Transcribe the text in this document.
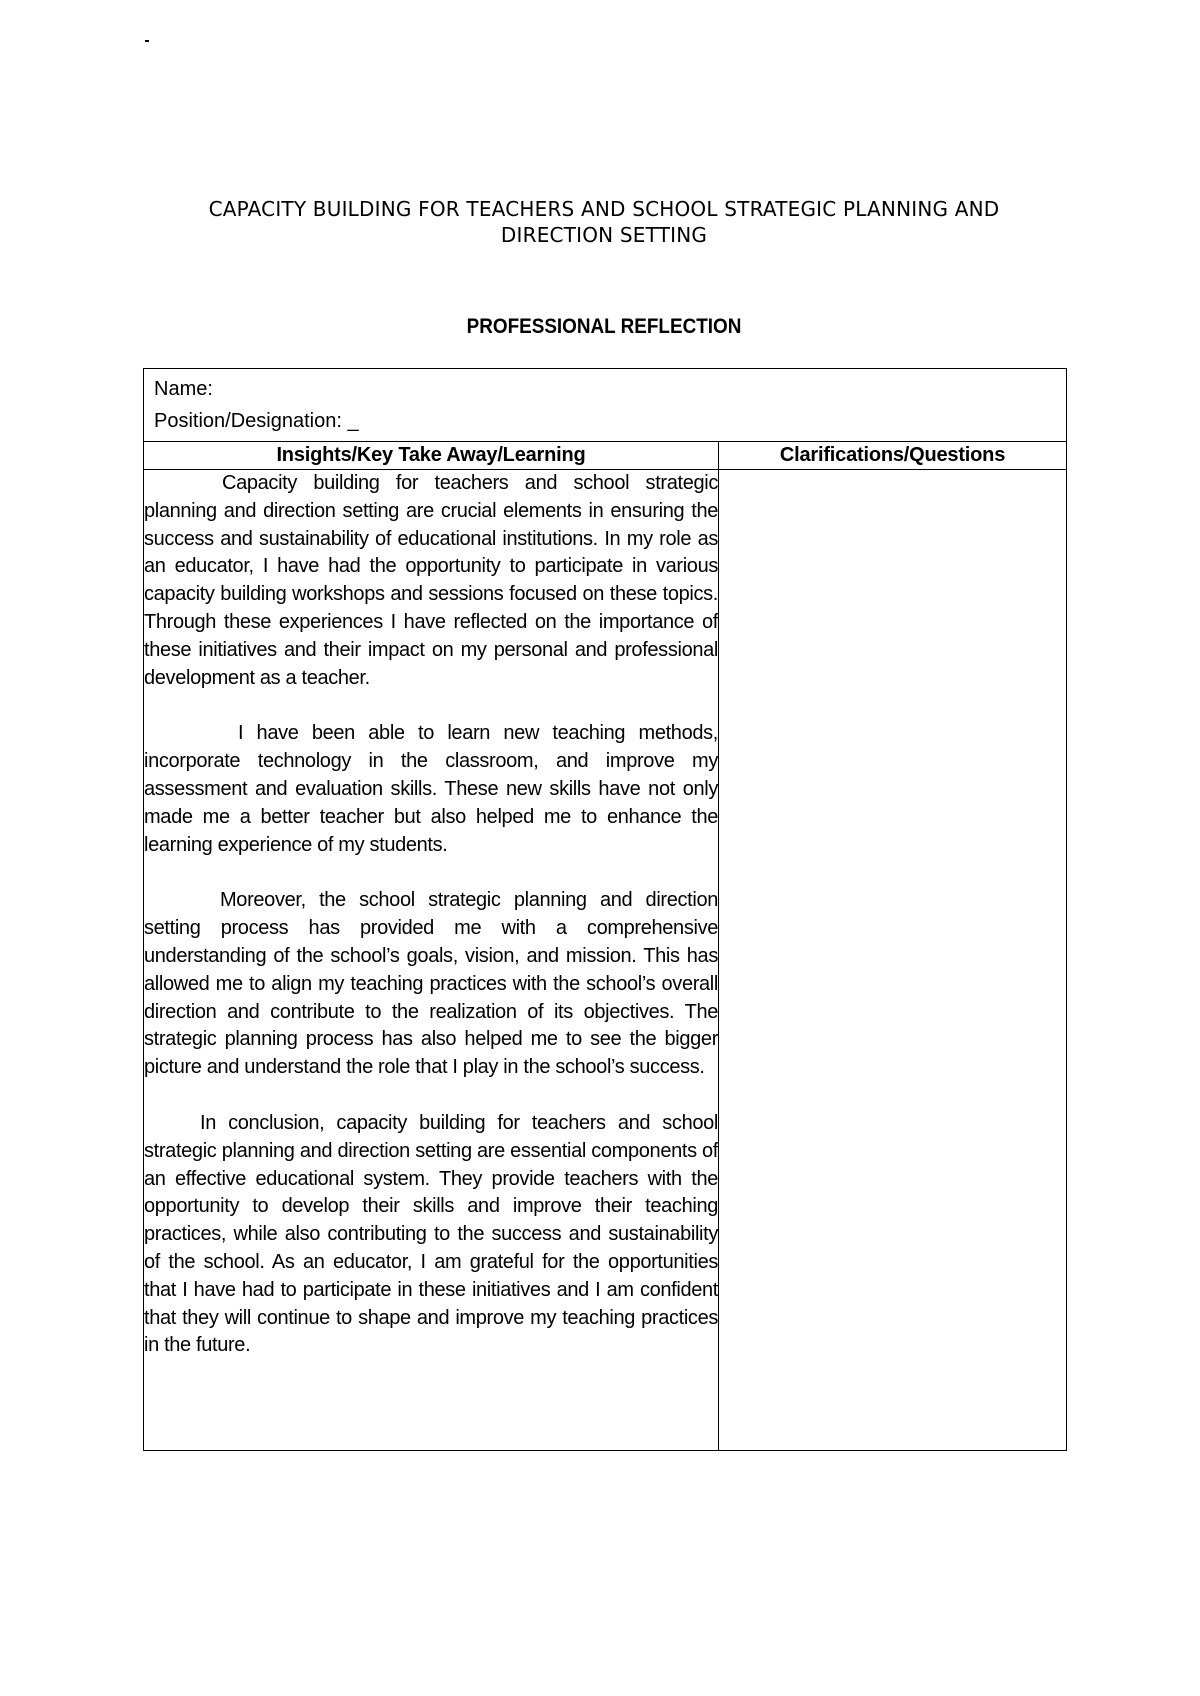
CAPACITY BUILDING FOR TEACHERS AND SCHOOL STRATEGIC PLANNING AND DIRECTION SETTING
PROFESSIONAL REFLECTION
Name:
Position/Designation: _	

Insights/Key Take Away/Learning	Clarifications/Questions

Capacity building for teachers and school strategic planning and direction setting are crucial elements in ensuring the success and sustainability of educational institutions. In my role as an educator, I have had the opportunity to participate in various capacity building workshops and sessions focused on these topics. Through these experiences I have reflected on the importance of these initiatives and their impact on my personal and professional development as a teacher.

I have been able to learn new teaching methods, incorporate technology in the classroom, and improve my assessment and evaluation skills. These new skills have not only made me a better teacher but also helped me to enhance the learning experience of my students.

Moreover, the school strategic planning and direction setting process has provided me with a comprehensive understanding of the school’s goals, vision, and mission. This has allowed me to align my teaching practices with the school’s overall direction and contribute to the realization of its objectives. The strategic planning process has also helped me to see the bigger picture and understand the role that I play in the school’s success.

In conclusion, capacity building for teachers and school strategic planning and direction setting are essential components of an effective educational system. They provide teachers with the opportunity to develop their skills and improve their teaching practices, while also contributing to the success and sustainability of the school. As an educator, I am grateful for the opportunities that I have had to participate in these initiatives and I am confident that they will continue to shape and improve my teaching practices in the future.	
